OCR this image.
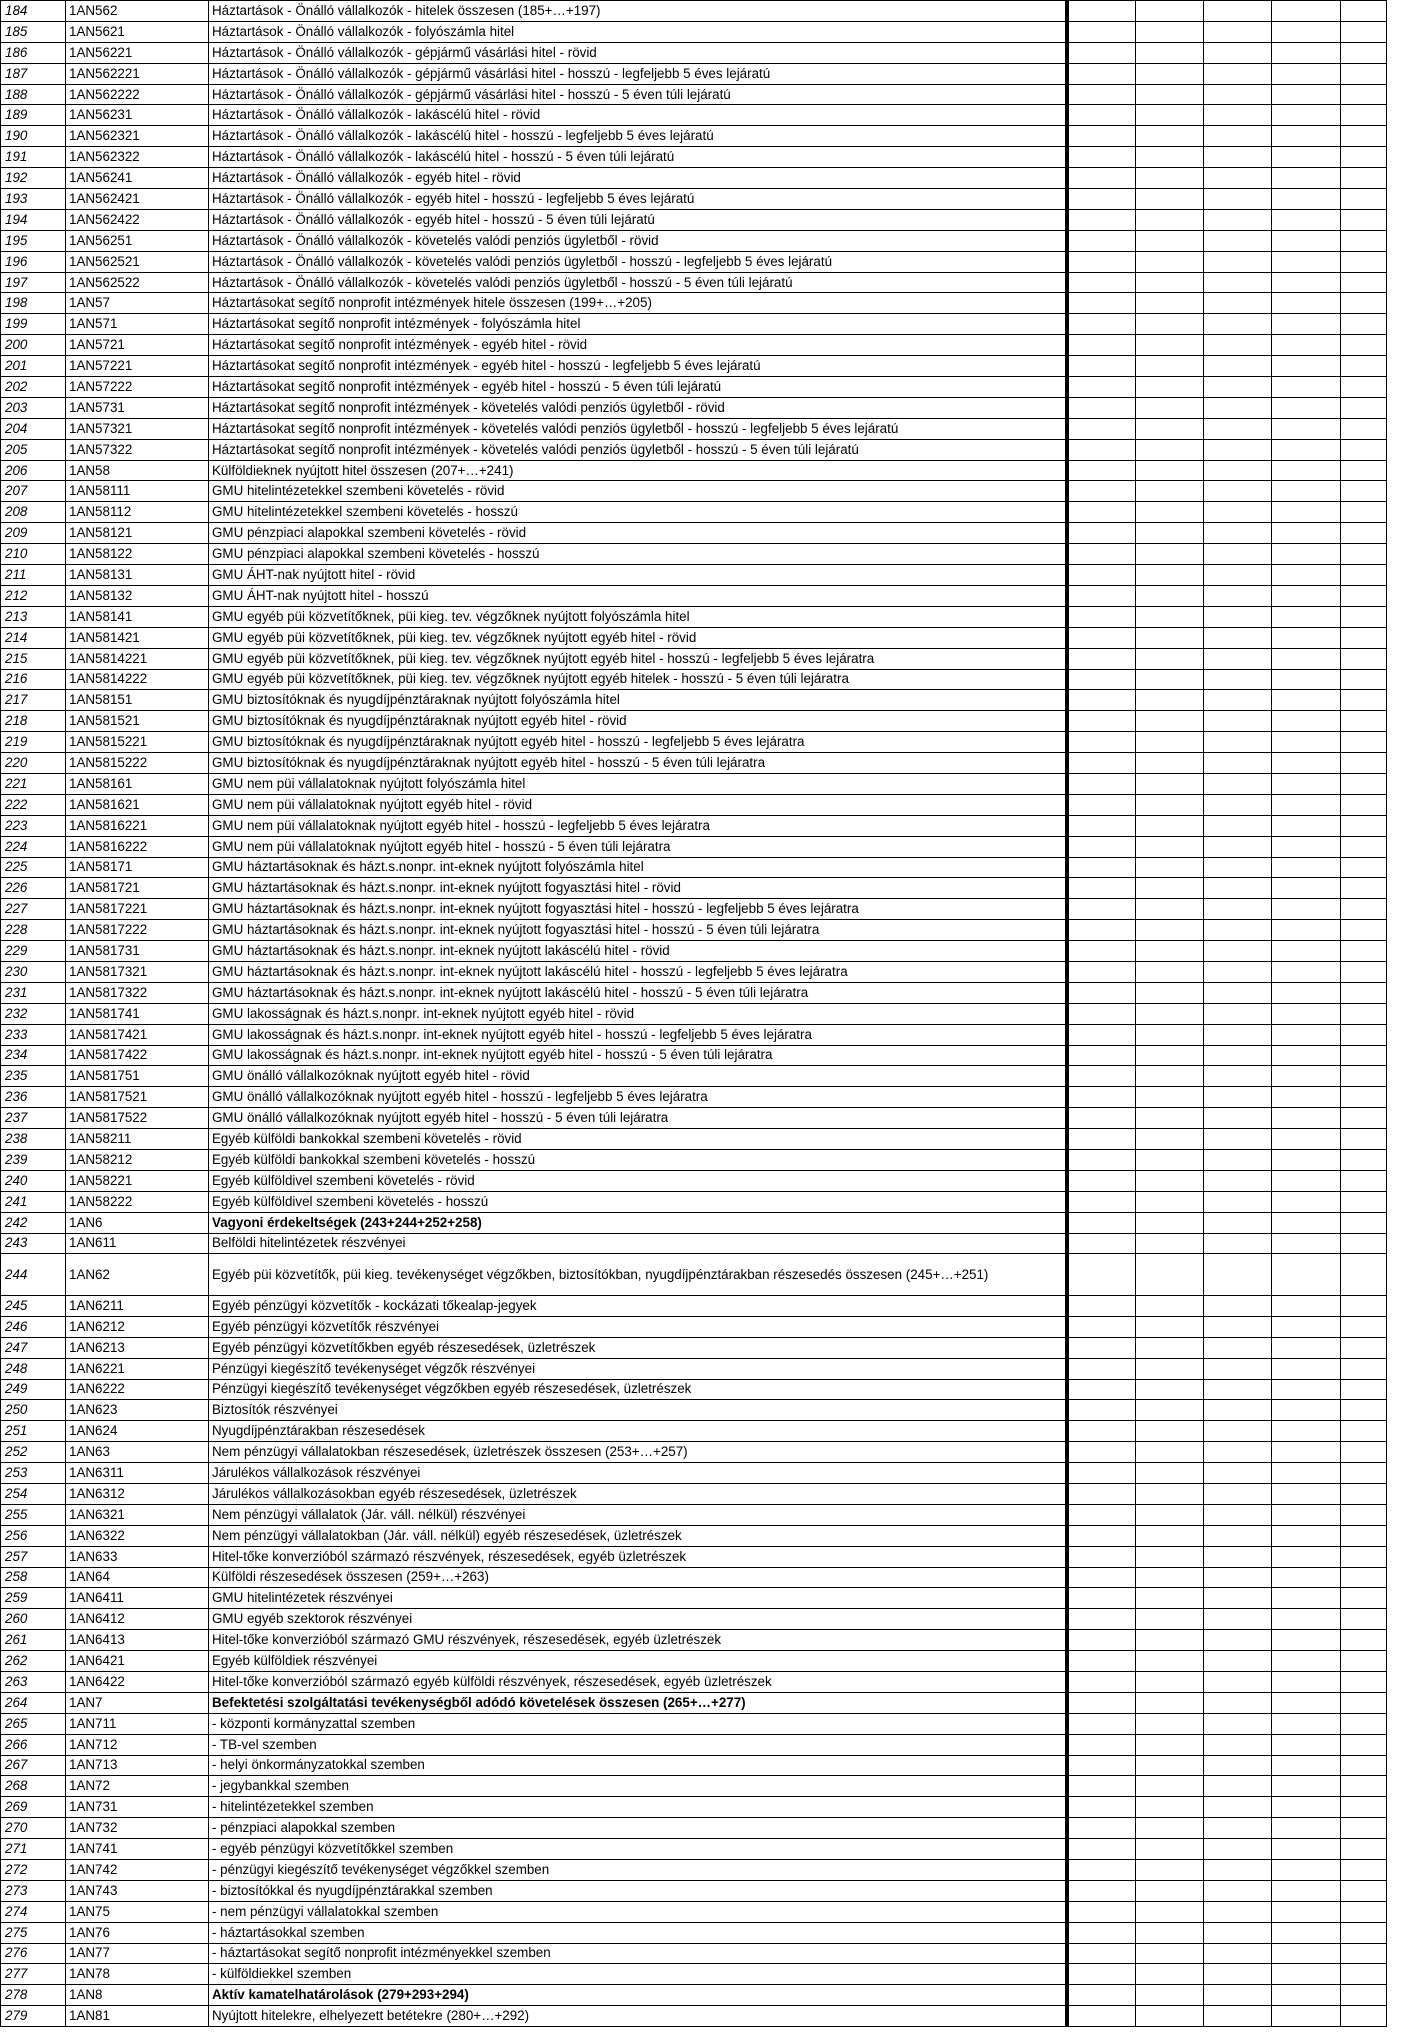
184	1AN562	Háztartások - Önálló vállalkozók - hitelek összesen (185+…+197)						
185	1AN5621	Háztartások - Önálló vállalkozók - folyószámla hitel						
186	1AN56221	Háztartások - Önálló vállalkozók - gépjármű vásárlási hitel - rövid						
187	1AN562221	Háztartások - Önálló vállalkozók - gépjármű vásárlási hitel - hosszú - legfeljebb 5 éves lejáratú						
188	1AN562222	Háztartások - Önálló vállalkozók - gépjármű vásárlási hitel - hosszú - 5 éven túli lejáratú						
189	1AN56231	Háztartások - Önálló vállalkozók - lakáscélú hitel - rövid						
190	1AN562321	Háztartások - Önálló vállalkozók - lakáscélú hitel - hosszú - legfeljebb 5 éves lejáratú						
191	1AN562322	Háztartások - Önálló vállalkozók - lakáscélú hitel - hosszú - 5 éven túli lejáratú						
192	1AN56241	Háztartások - Önálló vállalkozók - egyéb hitel - rövid						
193	1AN562421	Háztartások - Önálló vállalkozók - egyéb hitel - hosszú - legfeljebb 5 éves lejáratú						
194	1AN562422	Háztartások - Önálló vállalkozók - egyéb hitel - hosszú - 5 éven túli lejáratú						
195	1AN56251	Háztartások - Önálló vállalkozók - követelés valódi penziós ügyletből - rövid						
196	1AN562521	Háztartások - Önálló vállalkozók - követelés valódi penziós ügyletből - hosszú - legfeljebb 5 éves lejáratú						
197	1AN562522	Háztartások - Önálló vállalkozók - követelés valódi penziós ügyletből - hosszú - 5 éven túli lejáratú						
198	1AN57	Háztartásokat segítő nonprofit intézmények hitele összesen (199+…+205)						
199	1AN571	Háztartásokat segítő nonprofit intézmények - folyószámla hitel						
200	1AN5721	Háztartásokat segítő nonprofit intézmények - egyéb hitel - rövid						
201	1AN57221	Háztartásokat segítő nonprofit intézmények - egyéb hitel - hosszú - legfeljebb 5 éves lejáratú						
202	1AN57222	Háztartásokat segítő nonprofit intézmények - egyéb hitel - hosszú - 5 éven túli lejáratú						
203	1AN5731	Háztartásokat segítő nonprofit intézmények - követelés valódi penziós ügyletből - rövid						
204	1AN57321	Háztartásokat segítő nonprofit intézmények - követelés valódi penziós ügyletből - hosszú - legfeljebb 5 éves lejáratú						
205	1AN57322	Háztartásokat segítő nonprofit intézmények - követelés valódi penziós ügyletből - hosszú - 5 éven túli lejáratú						
206	1AN58	Külföldieknek nyújtott hitel összesen (207+…+241)						
207	1AN58111	GMU hitelintézetekkel szembeni követelés - rövid						
208	1AN58112	GMU hitelintézetekkel szembeni követelés - hosszú						
209	1AN58121	GMU pénzpiaci alapokkal szembeni követelés - rövid						
210	1AN58122	GMU pénzpiaci alapokkal szembeni követelés - hosszú						
211	1AN58131	GMU ÁHT-nak nyújtott hitel - rövid						
212	1AN58132	GMU ÁHT-nak nyújtott hitel - hosszú						
213	1AN58141	GMU egyéb püi közvetítőknek, püi kieg. tev. végzőknek nyújtott folyószámla hitel						
214	1AN581421	GMU egyéb püi közvetítőknek, püi kieg. tev. végzőknek nyújtott egyéb hitel - rövid						
215	1AN5814221	GMU egyéb püi közvetítőknek, püi kieg. tev. végzőknek nyújtott egyéb hitel - hosszú - legfeljebb 5 éves lejáratra						
216	1AN5814222	GMU egyéb püi közvetítőknek, püi kieg. tev. végzőknek nyújtott egyéb hitelek - hosszú - 5 éven túli lejáratra						
217	1AN58151	GMU biztosítóknak és nyugdíjpénztáraknak nyújtott folyószámla hitel						
218	1AN581521	GMU biztosítóknak és nyugdíjpénztáraknak nyújtott egyéb hitel - rövid						
219	1AN5815221	GMU biztosítóknak és nyugdíjpénztáraknak nyújtott egyéb hitel - hosszú - legfeljebb 5 éves lejáratra						
220	1AN5815222	GMU biztosítóknak és nyugdíjpénztáraknak nyújtott egyéb hitel - hosszú - 5 éven túli lejáratra						
221	1AN58161	GMU nem püi vállalatoknak nyújtott folyószámla hitel						
222	1AN581621	GMU nem püi vállalatoknak nyújtott egyéb hitel - rövid						
223	1AN5816221	GMU nem püi vállalatoknak nyújtott egyéb hitel - hosszú - legfeljebb 5 éves lejáratra						
224	1AN5816222	GMU nem püi vállalatoknak nyújtott egyéb hitel - hosszú - 5 éven túli lejáratra						
225	1AN58171	GMU háztartásoknak és házt.s.nonpr. int-eknek nyújtott folyószámla hitel						
226	1AN581721	GMU háztartásoknak és házt.s.nonpr. int-eknek nyújtott fogyasztási hitel - rövid						
227	1AN5817221	GMU háztartásoknak és házt.s.nonpr. int-eknek nyújtott fogyasztási hitel - hosszú - legfeljebb 5 éves lejáratra						
228	1AN5817222	GMU háztartásoknak és házt.s.nonpr. int-eknek nyújtott fogyasztási hitel - hosszú - 5 éven túli lejáratra						
229	1AN581731	GMU háztartásoknak és házt.s.nonpr. int-eknek nyújtott lakáscélú hitel - rövid						
230	1AN5817321	GMU háztartásoknak és házt.s.nonpr. int-eknek nyújtott lakáscélú hitel - hosszú - legfeljebb 5 éves lejáratra						
231	1AN5817322	GMU háztartásoknak és házt.s.nonpr. int-eknek nyújtott lakáscélú hitel - hosszú - 5 éven túli lejáratra						
232	1AN581741	GMU lakosságnak és házt.s.nonpr. int-eknek nyújtott egyéb hitel - rövid						
233	1AN5817421	GMU lakosságnak és házt.s.nonpr. int-eknek nyújtott egyéb hitel - hosszú - legfeljebb 5 éves lejáratra						
234	1AN5817422	GMU lakosságnak és házt.s.nonpr. int-eknek nyújtott egyéb hitel - hosszú - 5 éven túli lejáratra						
235	1AN581751	GMU önálló vállalkozóknak nyújtott egyéb hitel - rövid						
236	1AN5817521	GMU önálló vállalkozóknak nyújtott egyéb hitel - hosszú - legfeljebb 5 éves lejáratra						
237	1AN5817522	GMU önálló vállalkozóknak nyújtott egyéb hitel - hosszú - 5 éven túli lejáratra						
238	1AN58211	Egyéb külföldi bankokkal szembeni követelés - rövid						
239	1AN58212	Egyéb külföldi bankokkal szembeni követelés - hosszú						
240	1AN58221	Egyéb külföldivel szembeni követelés - rövid						
241	1AN58222	Egyéb külföldivel szembeni követelés - hosszú						
242	1AN6	Vagyoni érdekeltségek (243+244+252+258)						
243	1AN611	Belföldi hitelintézetek részvényei						
244	1AN62	Egyéb püi közvetítők, püi kieg. tevékenységet végzőkben, biztosítókban, nyugdíjpénztárakban részesedés összesen (245+…+251)						
245	1AN6211	Egyéb pénzügyi közvetítők - kockázati tőkealap-jegyek						
246	1AN6212	Egyéb pénzügyi közvetítők részvényei						
247	1AN6213	Egyéb pénzügyi közvetítőkben egyéb részesedések, üzletrészek						
248	1AN6221	Pénzügyi kiegészítő tevékenységet végzők részvényei						
249	1AN6222	Pénzügyi kiegészítő tevékenységet végzőkben egyéb részesedések, üzletrészek						
250	1AN623	Biztosítók részvényei						
251	1AN624	Nyugdíjpénztárakban részesedések						
252	1AN63	Nem pénzügyi vállalatokban részesedések, üzletrészek összesen (253+…+257)						
253	1AN6311	Járulékos vállalkozások részvényei						
254	1AN6312	Járulékos vállalkozásokban egyéb részesedések, üzletrészek						
255	1AN6321	Nem pénzügyi vállalatok (Jár. váll. nélkül) részvényei						
256	1AN6322	Nem pénzügyi vállalatokban (Jár. váll. nélkül) egyéb részesedések, üzletrészek						
257	1AN633	Hitel-tőke konverzióból származó részvények, részesedések, egyéb üzletrészek						
258	1AN64	Külföldi részesedések összesen (259+…+263)						
259	1AN6411	GMU hitelintézetek részvényei						
260	1AN6412	GMU egyéb szektorok részvényei						
261	1AN6413	Hitel-tőke konverzióból származó GMU részvények, részesedések, egyéb üzletrészek						
262	1AN6421	Egyéb külföldiek részvényei						
263	1AN6422	Hitel-tőke konverzióból származó egyéb külföldi részvények, részesedések, egyéb üzletrészek						
264	1AN7	Befektetési szolgáltatási tevékenységből adódó követelések összesen (265+…+277)						
265	1AN711	- központi kormányzattal szemben						
266	1AN712	- TB-vel szemben						
267	1AN713	- helyi önkormányzatokkal szemben						
268	1AN72	- jegybankkal szemben						
269	1AN731	- hitelintézetekkel szemben						
270	1AN732	- pénzpiaci alapokkal szemben						
271	1AN741	- egyéb pénzügyi közvetítőkkel szemben						
272	1AN742	- pénzügyi kiegészítő tevékenységet végzőkkel szemben						
273	1AN743	- biztosítókkal és nyugdíjpénztárakkal szemben						
274	1AN75	- nem pénzügyi vállalatokkal szemben						
275	1AN76	- háztartásokkal szemben						
276	1AN77	- háztartásokat segítő nonprofit intézményekkel szemben						
277	1AN78	- külföldiekkel szemben						
278	1AN8	Aktív kamatelhatárolások (279+293+294)						
279	1AN81	Nyújtott hitelekre, elhelyezett betétekre (280+…+292)						
